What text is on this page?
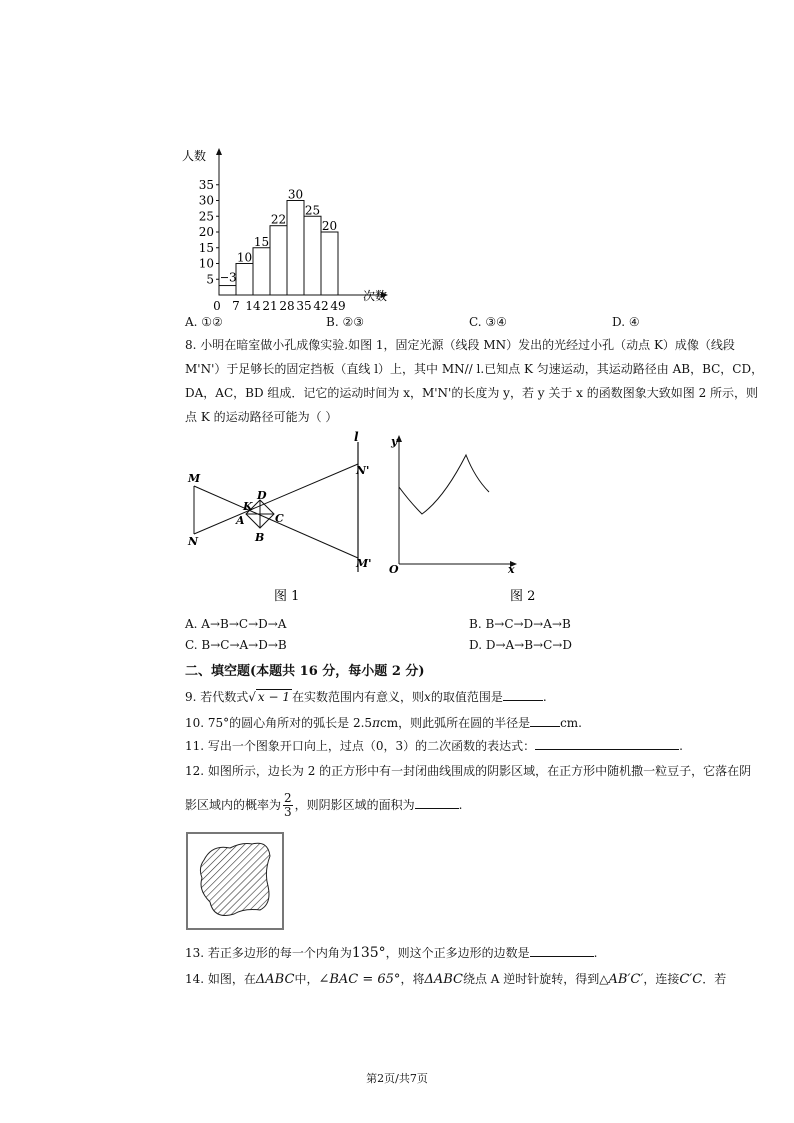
人数
次数
5
10
15
20
25
30
35
0 7 14 21 28 35 42 49
3
10
15
22
30
25
20
A. ①②	B. ②③	C. ③④	D. ④
8. 小明在暗室做小孔成像实验.如图 1，固定光源（线段 MN）发出的光经过小孔（动点 K）成像（线段
M'N'）于足够长的固定挡板（直线 l）上，其中 MN// l.已知点 K 匀速运动，其运动路径由 AB，BC，CD，
DA，AC，BD 组成．记它的运动时间为 x，M'N'的长度为 y，若 y 关于 x 的函数图象大致如图 2 所示，则
点 K 的运动路径可能为（ ）
M
N
K
D
A	C
B
l
N'
M'
图 1
y
O	x
图 2
A. A→B→C→D→A	B. B→C→D→A→B
C. B→C→A→D→B	D. D→A→B→C→D
二、填空题(本题共 16 分，每小题 2 分)
9. 若代数式√ x − 1 在实数范围内有意义，则x的取值范围是	.
10. 75°的圆心角所对的弧长是 2.5πcm，则此弧所在圆的半径是	cm.
11. 写出一个图象开口向上，过点（0，3）的二次函数的表达式：	.
12. 如图所示，边长为 2 的正方形中有一封闭曲线围成的阴影区域，在正方形中随机撒一粒豆子，它落在阴
影区域内的概率为 $\frac{2}{3}$ ，则阴影区域的面积为	.
13. 若正多边形的每一个内角为135°，则这个正多边形的边数是	.
14. 如图，在ΔABC中，∠BAC = 65°，将ΔABC绕点 A 逆时针旋转，得到△AB′C′，连接C′C．若
第2页/共7页
